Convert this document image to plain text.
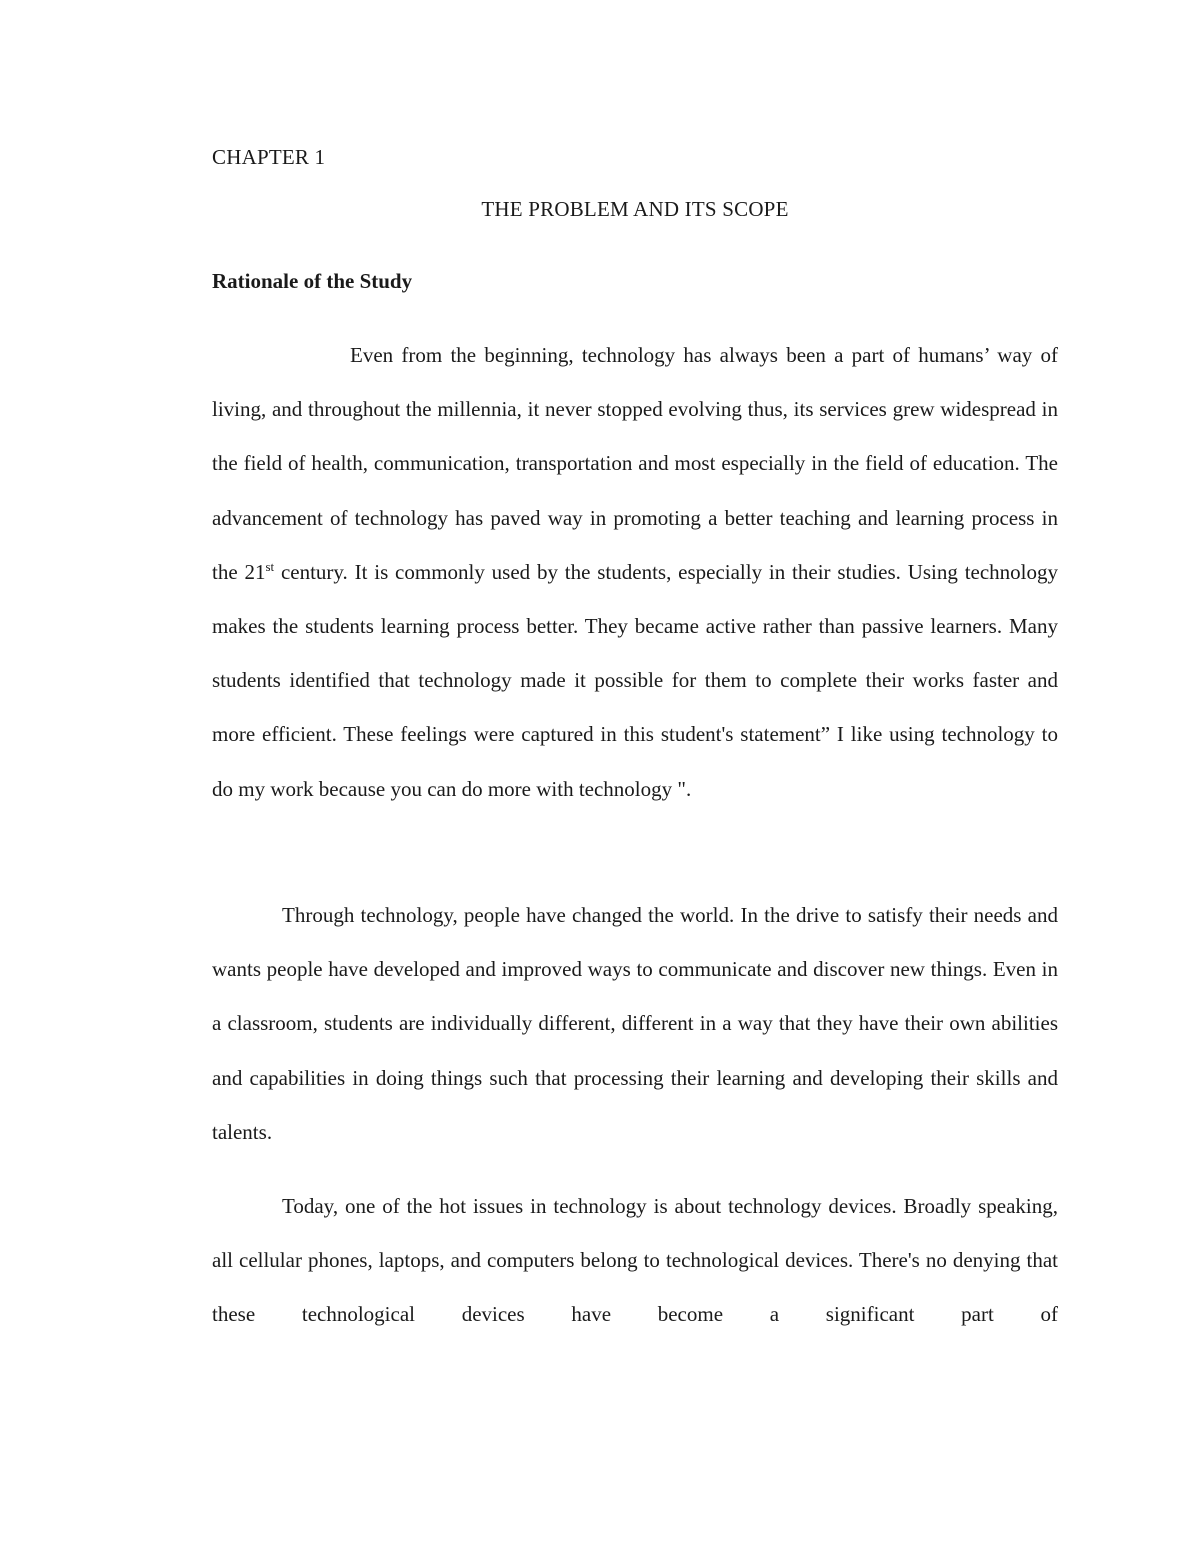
CHAPTER 1
THE PROBLEM AND ITS SCOPE
Rationale of the Study

Even from the beginning, technology has always been a part of humans’ way of living, and throughout the millennia, it never stopped evolving thus, its services grew widespread in the field of health, communication, transportation and most especially in the field of education. The advancement of technology has paved way in promoting a better teaching and learning process in the 21st century. It is commonly used by the students, especially in their studies. Using technology makes the students learning process better. They became active rather than passive learners. Many students identified that technology made it possible for them to complete their works faster and more efficient. These feelings were captured in this student's statement” I like using technology to do my work because you can do more with technology ".

Through technology, people have changed the world. In the drive to satisfy their needs and wants people have developed and improved ways to communicate and discover new things. Even in a classroom, students are individually different, different in a way that they have their own abilities and capabilities in doing things such that processing their learning and developing their skills and talents.

Today, one of the hot issues in technology is about technology devices. Broadly speaking, all cellular phones, laptops, and computers belong to technological devices. There's no denying that these technological devices have become a significant part of
